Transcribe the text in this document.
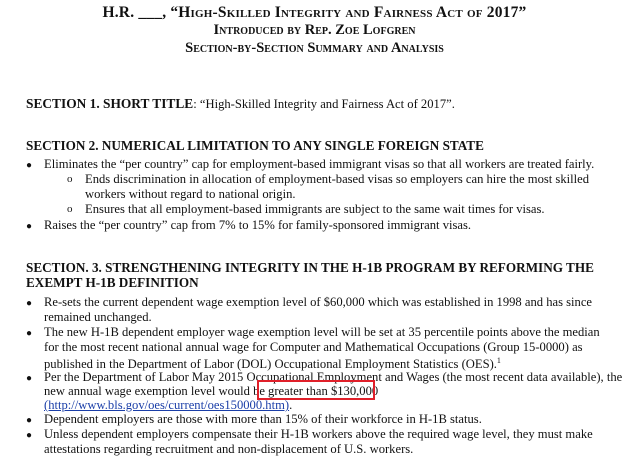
H.R. ___, “High-Skilled Integrity and Fairness Act of 2017”
Introduced by Rep. Zoe Lofgren
Section-by-Section Summary and Analysis
SECTION 1. SHORT TITLE: “High-Skilled Integrity and Fairness Act of 2017”.
SECTION 2. NUMERICAL LIMITATION TO ANY SINGLE FOREIGN STATE
● Eliminates the “per country” cap for employment-based immigrant visas so that all workers are treated fairly.
o Ends discrimination in allocation of employment-based visas so employers can hire the most skilled workers without regard to national origin.
o Ensures that all employment-based immigrants are subject to the same wait times for visas.
● Raises the “per country” cap from 7% to 15% for family-sponsored immigrant visas.
SECTION. 3. STRENGTHENING INTEGRITY IN THE H-1B PROGRAM BY REFORMING THE
EXEMPT H-1B DEFINITION
● Re-sets the current dependent wage exemption level of $60,000 which was established in 1998 and has since remained unchanged.
● The new H-1B dependent employer wage exemption level will be set at 35 percentile points above the median for the most recent national annual wage for Computer and Mathematical Occupations (Group 15-0000) as published in the Department of Labor (DOL) Occupational Employment Statistics (OES).$^1$
● Per the Department of Labor May 2015 Occupational Employment and Wages (the most recent data available), the
new annual wage exemption level would be greater than $130,000
(http://www.bls.gov/oes/current/oes150000.htm).
● Dependent employers are those with more than 15% of their workforce in H-1B status.
● Unless dependent employers compensate their H-1B workers above the required wage level, they must make attestations regarding recruitment and non-displacement of U.S. workers.
